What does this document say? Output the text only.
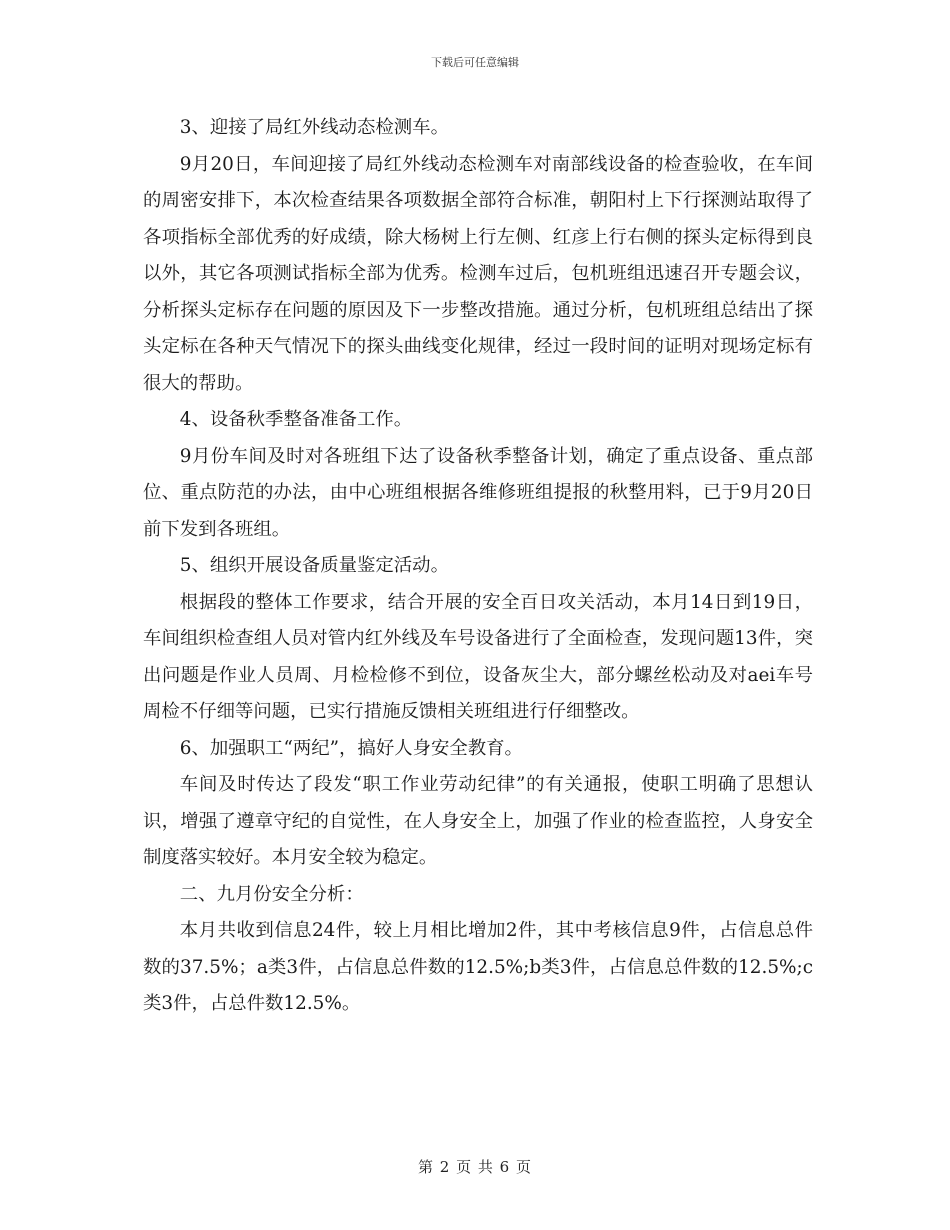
下载后可任意编辑

3、迎接了局红外线动态检测车。

9月20日，车间迎接了局红外线动态检测车对南部线设备的检查验收，在车间的周密安排下，本次检查结果各项数据全部符合标准，朝阳村上下行探测站取得了各项指标全部优秀的好成绩，除大杨树上行左侧、红彦上行右侧的探头定标得到良以外，其它各项测试指标全部为优秀。检测车过后，包机班组迅速召开专题会议，分析探头定标存在问题的原因及下一步整改措施。通过分析，包机班组总结出了探头定标在各种天气情况下的探头曲线变化规律，经过一段时间的证明对现场定标有很大的帮助。

4、设备秋季整备准备工作。

9月份车间及时对各班组下达了设备秋季整备计划，确定了重点设备、重点部位、重点防范的办法，由中心班组根据各维修班组提报的秋整用料，已于9月20日前下发到各班组。

5、组织开展设备质量鉴定活动。

根据段的整体工作要求，结合开展的安全百日攻关活动，本月14日到19日，车间组织检查组人员对管内红外线及车号设备进行了全面检查，发现问题13件，突出问题是作业人员周、月检检修不到位，设备灰尘大，部分螺丝松动及对aei车号周检不仔细等问题，已实行措施反馈相关班组进行仔细整改。

6、加强职工“两纪”，搞好人身安全教育。

车间及时传达了段发“职工作业劳动纪律”的有关通报，使职工明确了思想认识，增强了遵章守纪的自觉性，在人身安全上，加强了作业的检查监控，人身安全制度落实较好。本月安全较为稳定。

二、九月份安全分析：

本月共收到信息24件，较上月相比增加2件，其中考核信息9件，占信息总件数的37.5%；a类3件，占信息总件数的12.5%;b类3件，占信息总件数的12.5%;c类3件，占总件数12.5%。

第 2 页 共 6 页
